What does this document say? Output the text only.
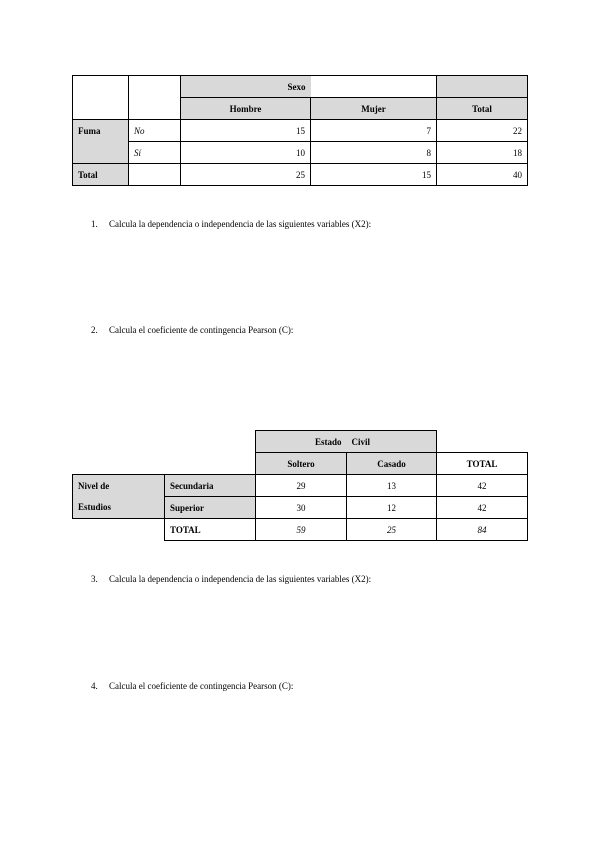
		Sexo		
		Hombre	Mujer	Total
Fuma	No	15	7	22
	Sí	10	8	18
Total		25	15	40
1. Calcula la dependencia o independencia de las siguientes variables (X2):
2. Calcula el coeficiente de contingencia Pearson (C):
		Estado	Civil	
		Soltero	Casado	TOTAL
Nivel de	Secundaria	29	13	42
Estudios	Superior	30	12	42
	TOTAL	59	25	84
3. Calcula la dependencia o independencia de las siguientes variables (X2):
4. Calcula el coeficiente de contingencia Pearson (C):
